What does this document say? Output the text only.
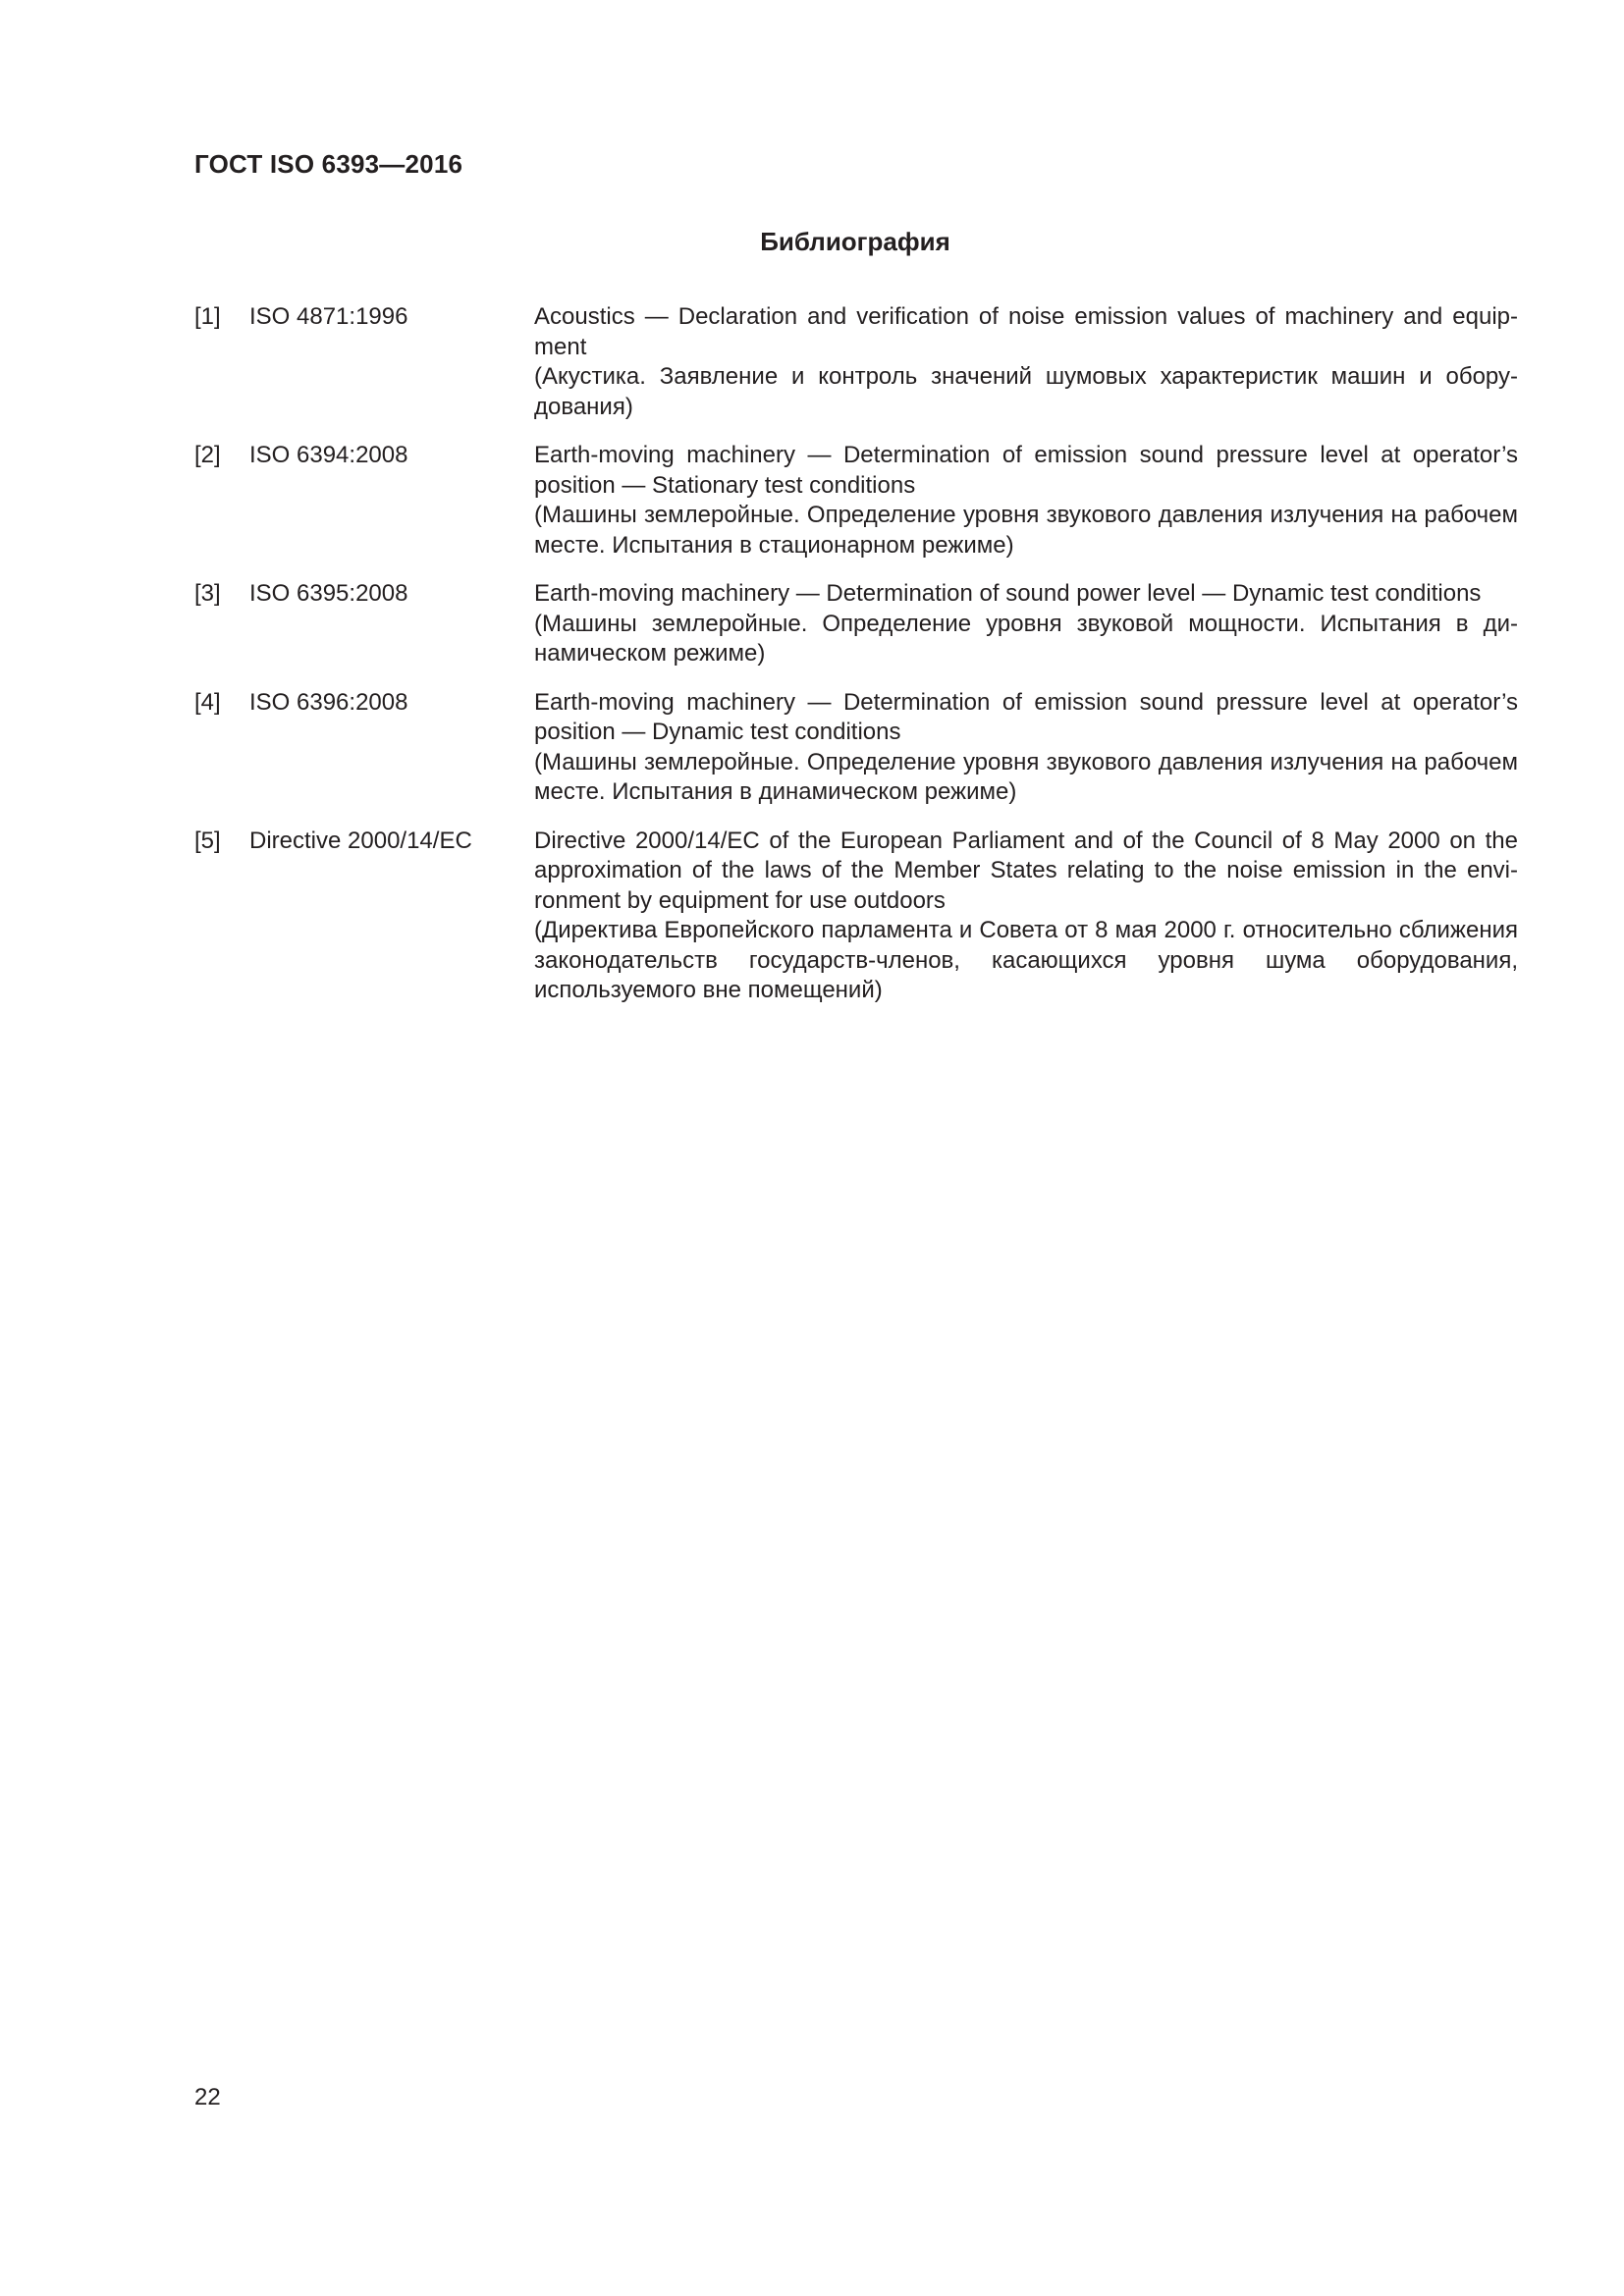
ГОСТ ISO 6393—2016
Библиография
[1] ISO 4871:1996	Acoustics — Declaration and verification of noise emission values of machinery and equipment

(Акустика. Заявление и контроль значений шумовых характеристик машин и оборудования)

[2] ISO 6394:2008	Earth-moving machinery — Determination of emission sound pressure level at operator’s position — Stationary test conditions

(Машины землеройные. Определение уровня звукового давления излучения на рабочем месте. Испытания в стационарном режиме)

[3] ISO 6395:2008	Earth-moving machinery — Determination of sound power level — Dynamic test conditions

(Машины землеройные. Определение уровня звуковой мощности. Испытания в динамическом режиме)

[4] ISO 6396:2008	Earth-moving machinery — Determination of emission sound pressure level at operator’s position — Dynamic test conditions

(Машины землеройные. Определение уровня звукового давления излучения на рабочем месте. Испытания в динамическом режиме)

[5] Directive 2000/14/EC	Directive 2000/14/EC of the European Parliament and of the Council of 8 May 2000 on the approximation of the laws of the Member States relating to the noise emission in the environment by equipment for use outdoors

(Директива Европейского парламента и Совета от 8 мая 2000 г. относительно сближения законодательств государств-членов, касающихся уровня шума оборудования, используемого вне помещений)

22
